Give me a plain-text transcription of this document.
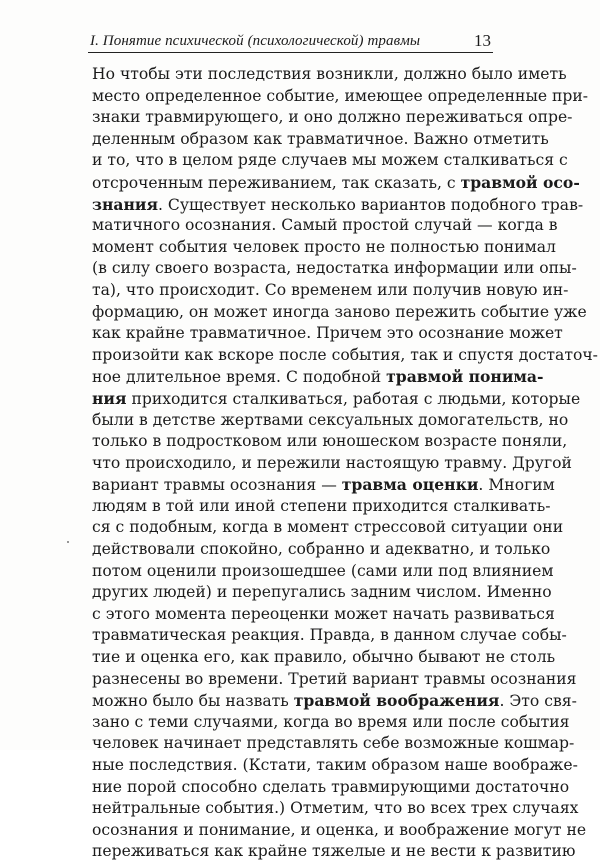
I. Понятие психической (психологической) травмы	13
Но чтобы эти последствия возникли, должно было иметь
место определенное событие, имеющее определенные при-
знаки травмирующего, и оно должно переживаться опре-
деленным образом как травматичное. Важно отметить
и то, что в целом ряде случаев мы можем сталкиваться с
отсроченным переживанием, так сказать, с травмой осо-
знания. Существует несколько вариантов подобного трав-
матичного осознания. Самый простой случай — когда в
момент события человек просто не полностью понимал
(в силу своего возраста, недостатка информации или опы-
та), что происходит. Со временем или получив новую ин-
формацию, он может иногда заново пережить событие уже
как крайне травматичное. Причем это осознание может
произойти как вскоре после события, так и спустя достаточ-
ное длительное время. С подобной травмой понима-
ния приходится сталкиваться, работая с людьми, которые
были в детстве жертвами сексуальных домогательств, но
только в подростковом или юношеском возрасте поняли,
что происходило, и пережили настоящую травму. Другой
вариант травмы осознания — травма оценки. Многим
людям в той или иной степени приходится сталкивать-
ся с подобным, когда в момент стрессовой ситуации они
действовали спокойно, собранно и адекватно, и только
потом оценили произошедшее (сами или под влиянием
других людей) и перепугались задним числом. Именно
с этого момента переоценки может начать развиваться
травматическая реакция. Правда, в данном случае собы-
тие и оценка его, как правило, обычно бывают не столь
разнесены во времени. Третий вариант травмы осознания
можно было бы назвать травмой воображения. Это свя-
зано с теми случаями, когда во время или после события
человек начинает представлять себе возможные кошмар-
ные последствия. (Кстати, таким образом наше воображе-
ние порой способно сделать травмирующими достаточно
нейтральные события.) Отметим, что во всех трех случаях
осознания и понимание, и оценка, и воображение могут не
переживаться как крайне тяжелые и не вести к развитию
